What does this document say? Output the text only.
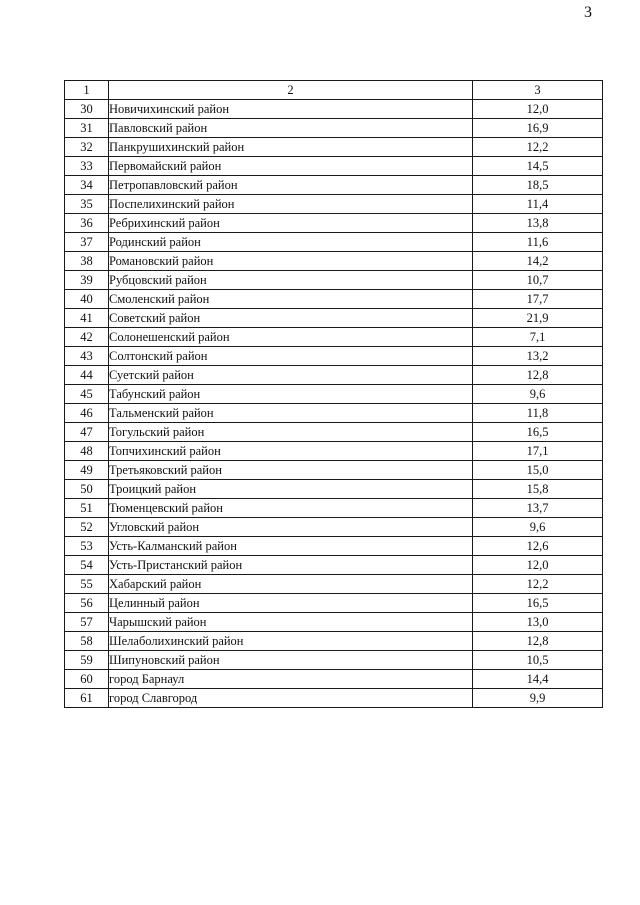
3
1	2	3
30	Новичихинский район	12,0
31	Павловский район	16,9
32	Панкрушихинский район	12,2
33	Первомайский район	14,5
34	Петропавловский район	18,5
35	Поспелихинский район	11,4
36	Ребрихинский район	13,8
37	Родинский район	11,6
38	Романовский район	14,2
39	Рубцовский район	10,7
40	Смоленский район	17,7
41	Советский район	21,9
42	Солонешенский район	7,1
43	Солтонский район	13,2
44	Суетский район	12,8
45	Табунский район	9,6
46	Тальменский район	11,8
47	Тогульский район	16,5
48	Топчихинский район	17,1
49	Третьяковский район	15,0
50	Троицкий район	15,8
51	Тюменцевский район	13,7
52	Угловский район	9,6
53	Усть-Калманский район	12,6
54	Усть-Пристанский район	12,0
55	Хабарский район	12,2
56	Целинный район	16,5
57	Чарышский район	13,0
58	Шелаболихинский район	12,8
59	Шипуновский район	10,5
60	город Барнаул	14,4
61	город Славгород	9,9
